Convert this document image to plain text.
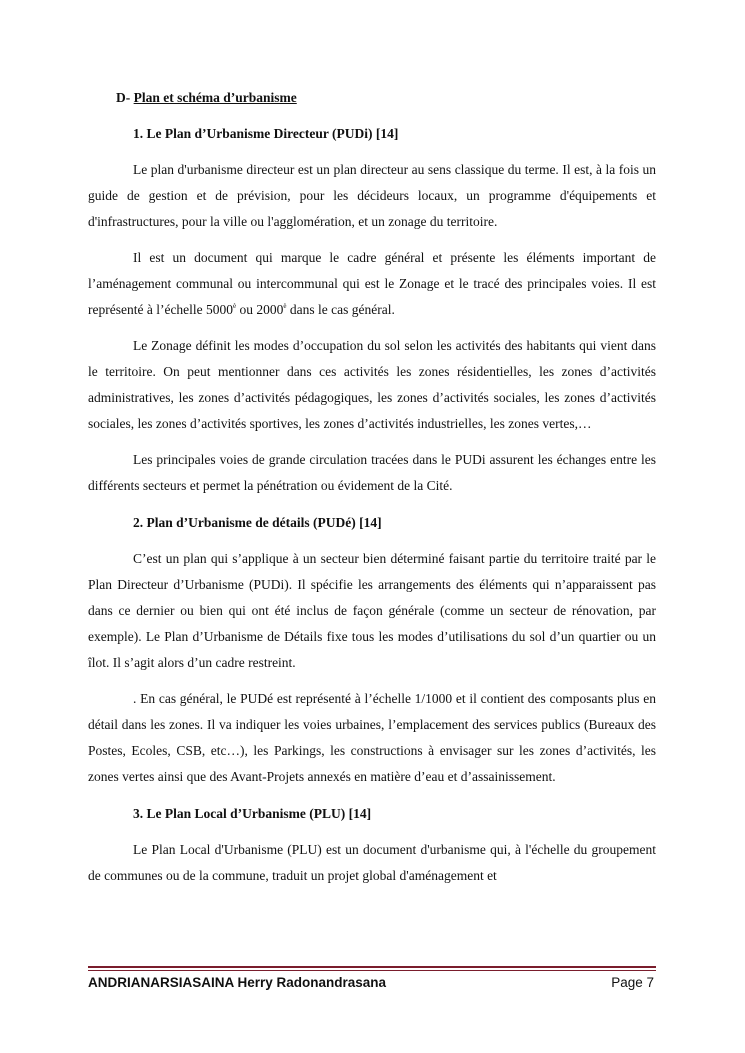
D- Plan et schéma d’urbanisme
1. Le Plan d’Urbanisme Directeur (PUDi) [14]

Le plan d'urbanisme directeur est un plan directeur au sens classique du terme. Il est, à la fois un guide de gestion et de prévision, pour les décideurs locaux, un programme d'équipements et d'infrastructures, pour la ville ou l'agglomération, et un zonage du territoire.

Il est un document qui marque le cadre général et présente les éléments important de l’aménagement communal ou intercommunal qui est le Zonage et le tracé des principales voies. Il est représenté à l’échelle $5000^è$ ou $2000^è$ dans le cas général.

Le Zonage définit les modes d’occupation du sol selon les activités des habitants qui vient dans le territoire. On peut mentionner dans ces activités les zones résidentielles, les zones d’activités administratives, les zones d’activités pédagogiques, les zones d’activités sociales, les zones d’activités sociales, les zones d’activités sportives, les zones d’activités industrielles, les zones vertes,…

Les principales voies de grande circulation tracées dans le PUDi assurent les échanges entre les différents secteurs et permet la pénétration ou évidement de la Cité.

2. Plan d’Urbanisme de détails (PUDé) [14]

C’est un plan qui s’applique à un secteur bien déterminé faisant partie du territoire traité par le Plan Directeur d’Urbanisme (PUDi). Il spécifie les arrangements des éléments qui n’apparaissent pas dans ce dernier ou bien qui ont été inclus de façon générale (comme un secteur de rénovation, par exemple). Le Plan d’Urbanisme de Détails fixe tous les modes d’utilisations du sol d’un quartier ou un îlot. Il s’agit alors d’un cadre restreint.

. En cas général, le PUDé est représenté à l’échelle 1/1000 et il contient des composants plus en détail dans les zones. Il va indiquer les voies urbaines, l’emplacement des services publics (Bureaux des Postes, Ecoles, CSB, etc…), les Parkings, les constructions à envisager sur les zones d’activités, les zones vertes ainsi que des Avant-Projets annexés en matière d’eau et d’assainissement.

3. Le Plan Local d’Urbanisme (PLU) [14]

Le Plan Local d'Urbanisme (PLU) est un document d'urbanisme qui, à l'échelle du groupement de communes ou de la commune, traduit un projet global d'aménagement et

ANDRIANARSIASAINA Herry Radonandrasana	Page 7
